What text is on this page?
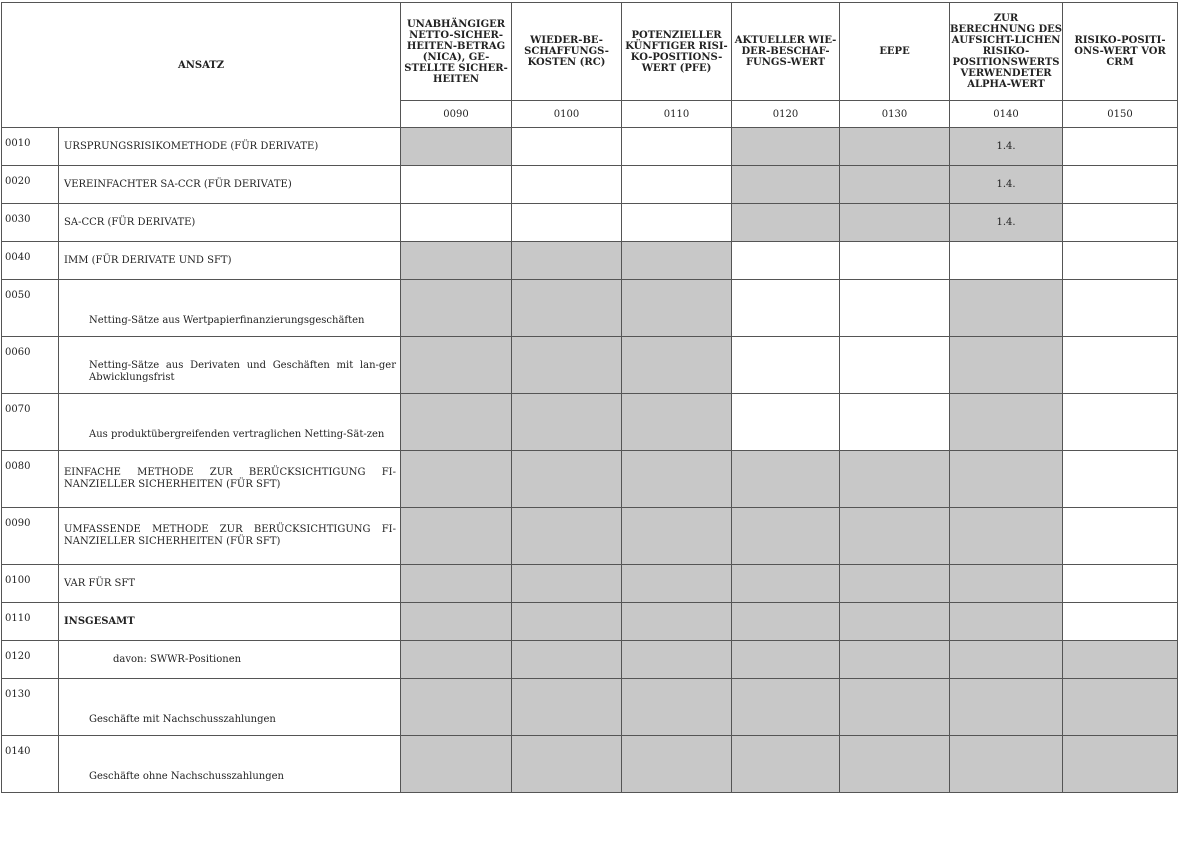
ANSATZ		UNABHÄNGIGER NETTO-SICHER-HEITEN-BETRAG (NICA), GE-STELLTE SICHER-HEITEN	WIEDER-BE-SCHAFFUNGS-KOSTEN (RC)	POTENZIELLER KÜNFTIGER RISI-KO-POSITIONS-WERT (PFE)	AKTUELLER WIE-DER-BESCHAF-FUNGS-WERT	EEPE	ZUR BERECHNUNG DES AUFSICHT-LICHEN RISIKO-POSITIONSWERTS VERWENDETER ALPHA-WERT	RISIKO-POSITI-ONS-WERT VOR CRM
		0090	0100	0110	0120	0130	0140	0150
0010	URSPRUNGSRISIKOMETHODE (FÜR DERIVATE)						1.4.	
0020	VEREINFACHTER SA-CCR (FÜR DERIVATE)						1.4.	
0030	SA-CCR (FÜR DERIVATE)						1.4.	
0040	IMM (FÜR DERIVATE UND SFT)							
0050	Netting-Sätze aus Wertpapierfinanzierungsgeschäften							
0060	Netting-Sätze aus Derivaten und Geschäften mit lan-ger Abwicklungsfrist							
0070	Aus produktübergreifenden vertraglichen Netting-Sät-zen							
0080	EINFACHE METHODE ZUR BERÜCKSICHTIGUNG FI-NANZIELLER SICHERHEITEN (FÜR SFT)							
0090	UMFASSENDE METHODE ZUR BERÜCKSICHTIGUNG FI-NANZIELLER SICHERHEITEN (FÜR SFT)							
0100	VAR FÜR SFT							
0110	INSGESAMT							
0120	davon: SWWR-Positionen							
0130	Geschäfte mit Nachschusszahlungen							
0140	Geschäfte ohne Nachschusszahlungen							
